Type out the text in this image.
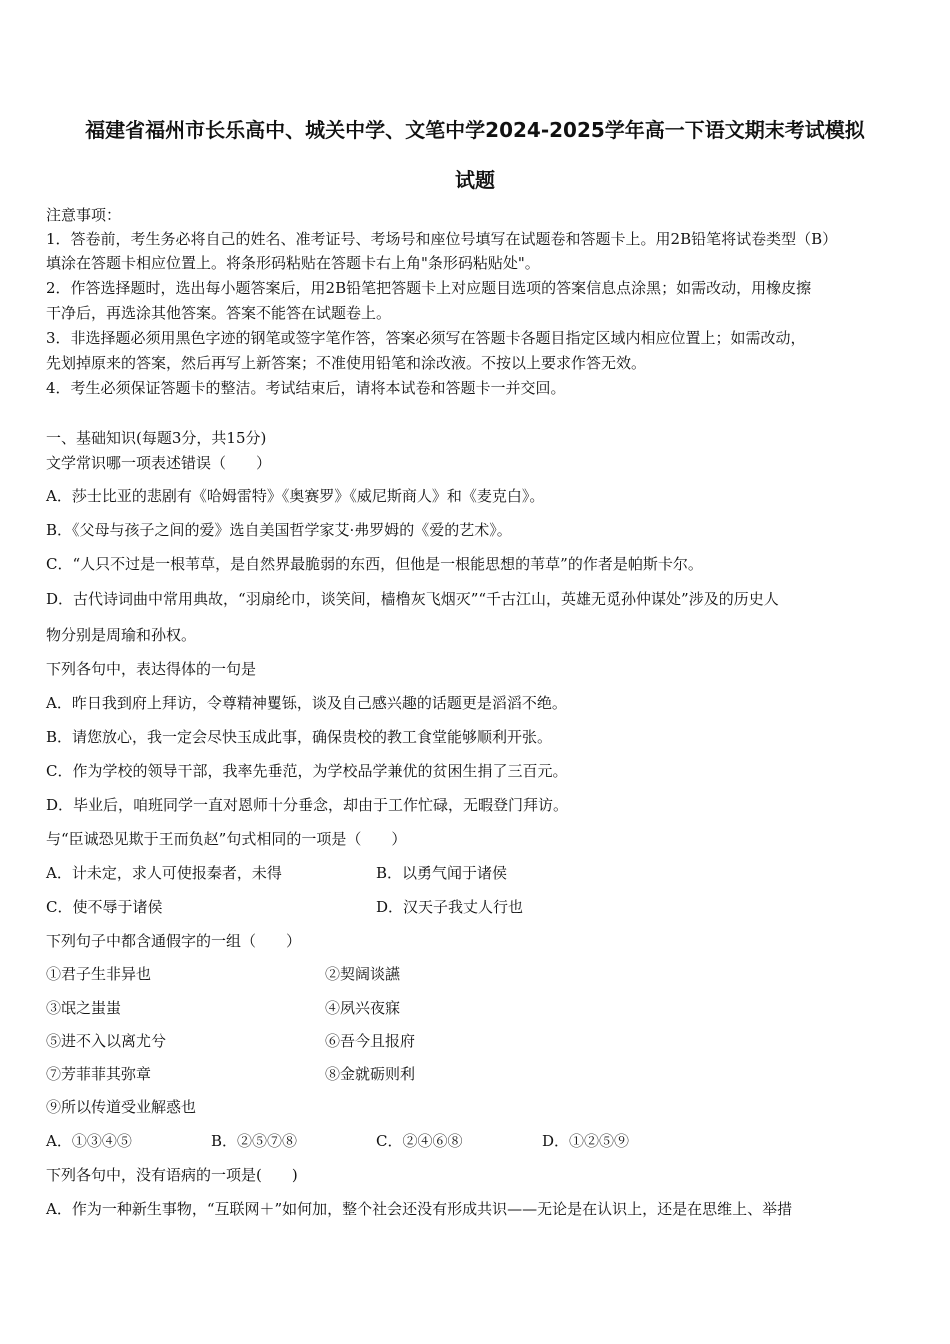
福建省福州市长乐高中、城关中学、文笔中学2024-2025学年高一下语文期末考试模拟
试题
注意事项：
1．答卷前，考生务必将自己的姓名、准考证号、考场号和座位号填写在试题卷和答题卡上。用2B铅笔将试卷类型（B）
填涂在答题卡相应位置上。将条形码粘贴在答题卡右上角"条形码粘贴处"。
2．作答选择题时，选出每小题答案后，用2B铅笔把答题卡上对应题目选项的答案信息点涂黑；如需改动，用橡皮擦
干净后，再选涂其他答案。答案不能答在试题卷上。
3．非选择题必须用黑色字迹的钢笔或签字笔作答，答案必须写在答题卡各题目指定区域内相应位置上；如需改动，
先划掉原来的答案，然后再写上新答案；不准使用铅笔和涂改液。不按以上要求作答无效。
4．考生必须保证答题卡的整洁。考试结束后，请将本试卷和答题卡一并交回。
一、基础知识(每题3分，共15分)
文学常识哪一项表述错误（　　）
A．莎士比亚的悲剧有《哈姆雷特》《奥赛罗》《威尼斯商人》和《麦克白》。
B．《父母与孩子之间的爱》选自美国哲学家艾·弗罗姆的《爱的艺术》。
C．“人只不过是一根苇草，是自然界最脆弱的东西，但他是一根能思想的苇草”的作者是帕斯卡尔。
D．古代诗词曲中常用典故，“羽扇纶巾，谈笑间，樯橹灰飞烟灭”“千古江山，英雄无觅孙仲谋处”涉及的历史人
物分别是周瑜和孙权。
下列各句中，表达得体的一句是
A．昨日我到府上拜访，令尊精神矍铄，谈及自己感兴趣的话题更是滔滔不绝。
B．请您放心，我一定会尽快玉成此事，确保贵校的教工食堂能够顺利开张。
C．作为学校的领导干部，我率先垂范，为学校品学兼优的贫困生捐了三百元。
D．毕业后，咱班同学一直对恩师十分垂念，却由于工作忙碌，无暇登门拜访。
与“臣诚恐见欺于王而负赵”句式相同的一项是（　　）
A．计未定，求人可使报秦者，未得	B．以勇气闻于诸侯
C．使不辱于诸侯	D．汉天子我丈人行也
下列句子中都含通假字的一组（　　）
①君子生非异也	②契阔谈讌
③氓之蚩蚩	④夙兴夜寐
⑤进不入以离尤兮	⑥吾今且报府
⑦芳菲菲其弥章	⑧金就砺则利
⑨所以传道受业解惑也
A．①③④⑤	B．②⑤⑦⑧	C．②④⑥⑧	D．①②⑤⑨
下列各句中，没有语病的一项是(　　)
A．作为一种新生事物，“互联网＋”如何加，整个社会还没有形成共识——无论是在认识上，还是在思维上、举措
